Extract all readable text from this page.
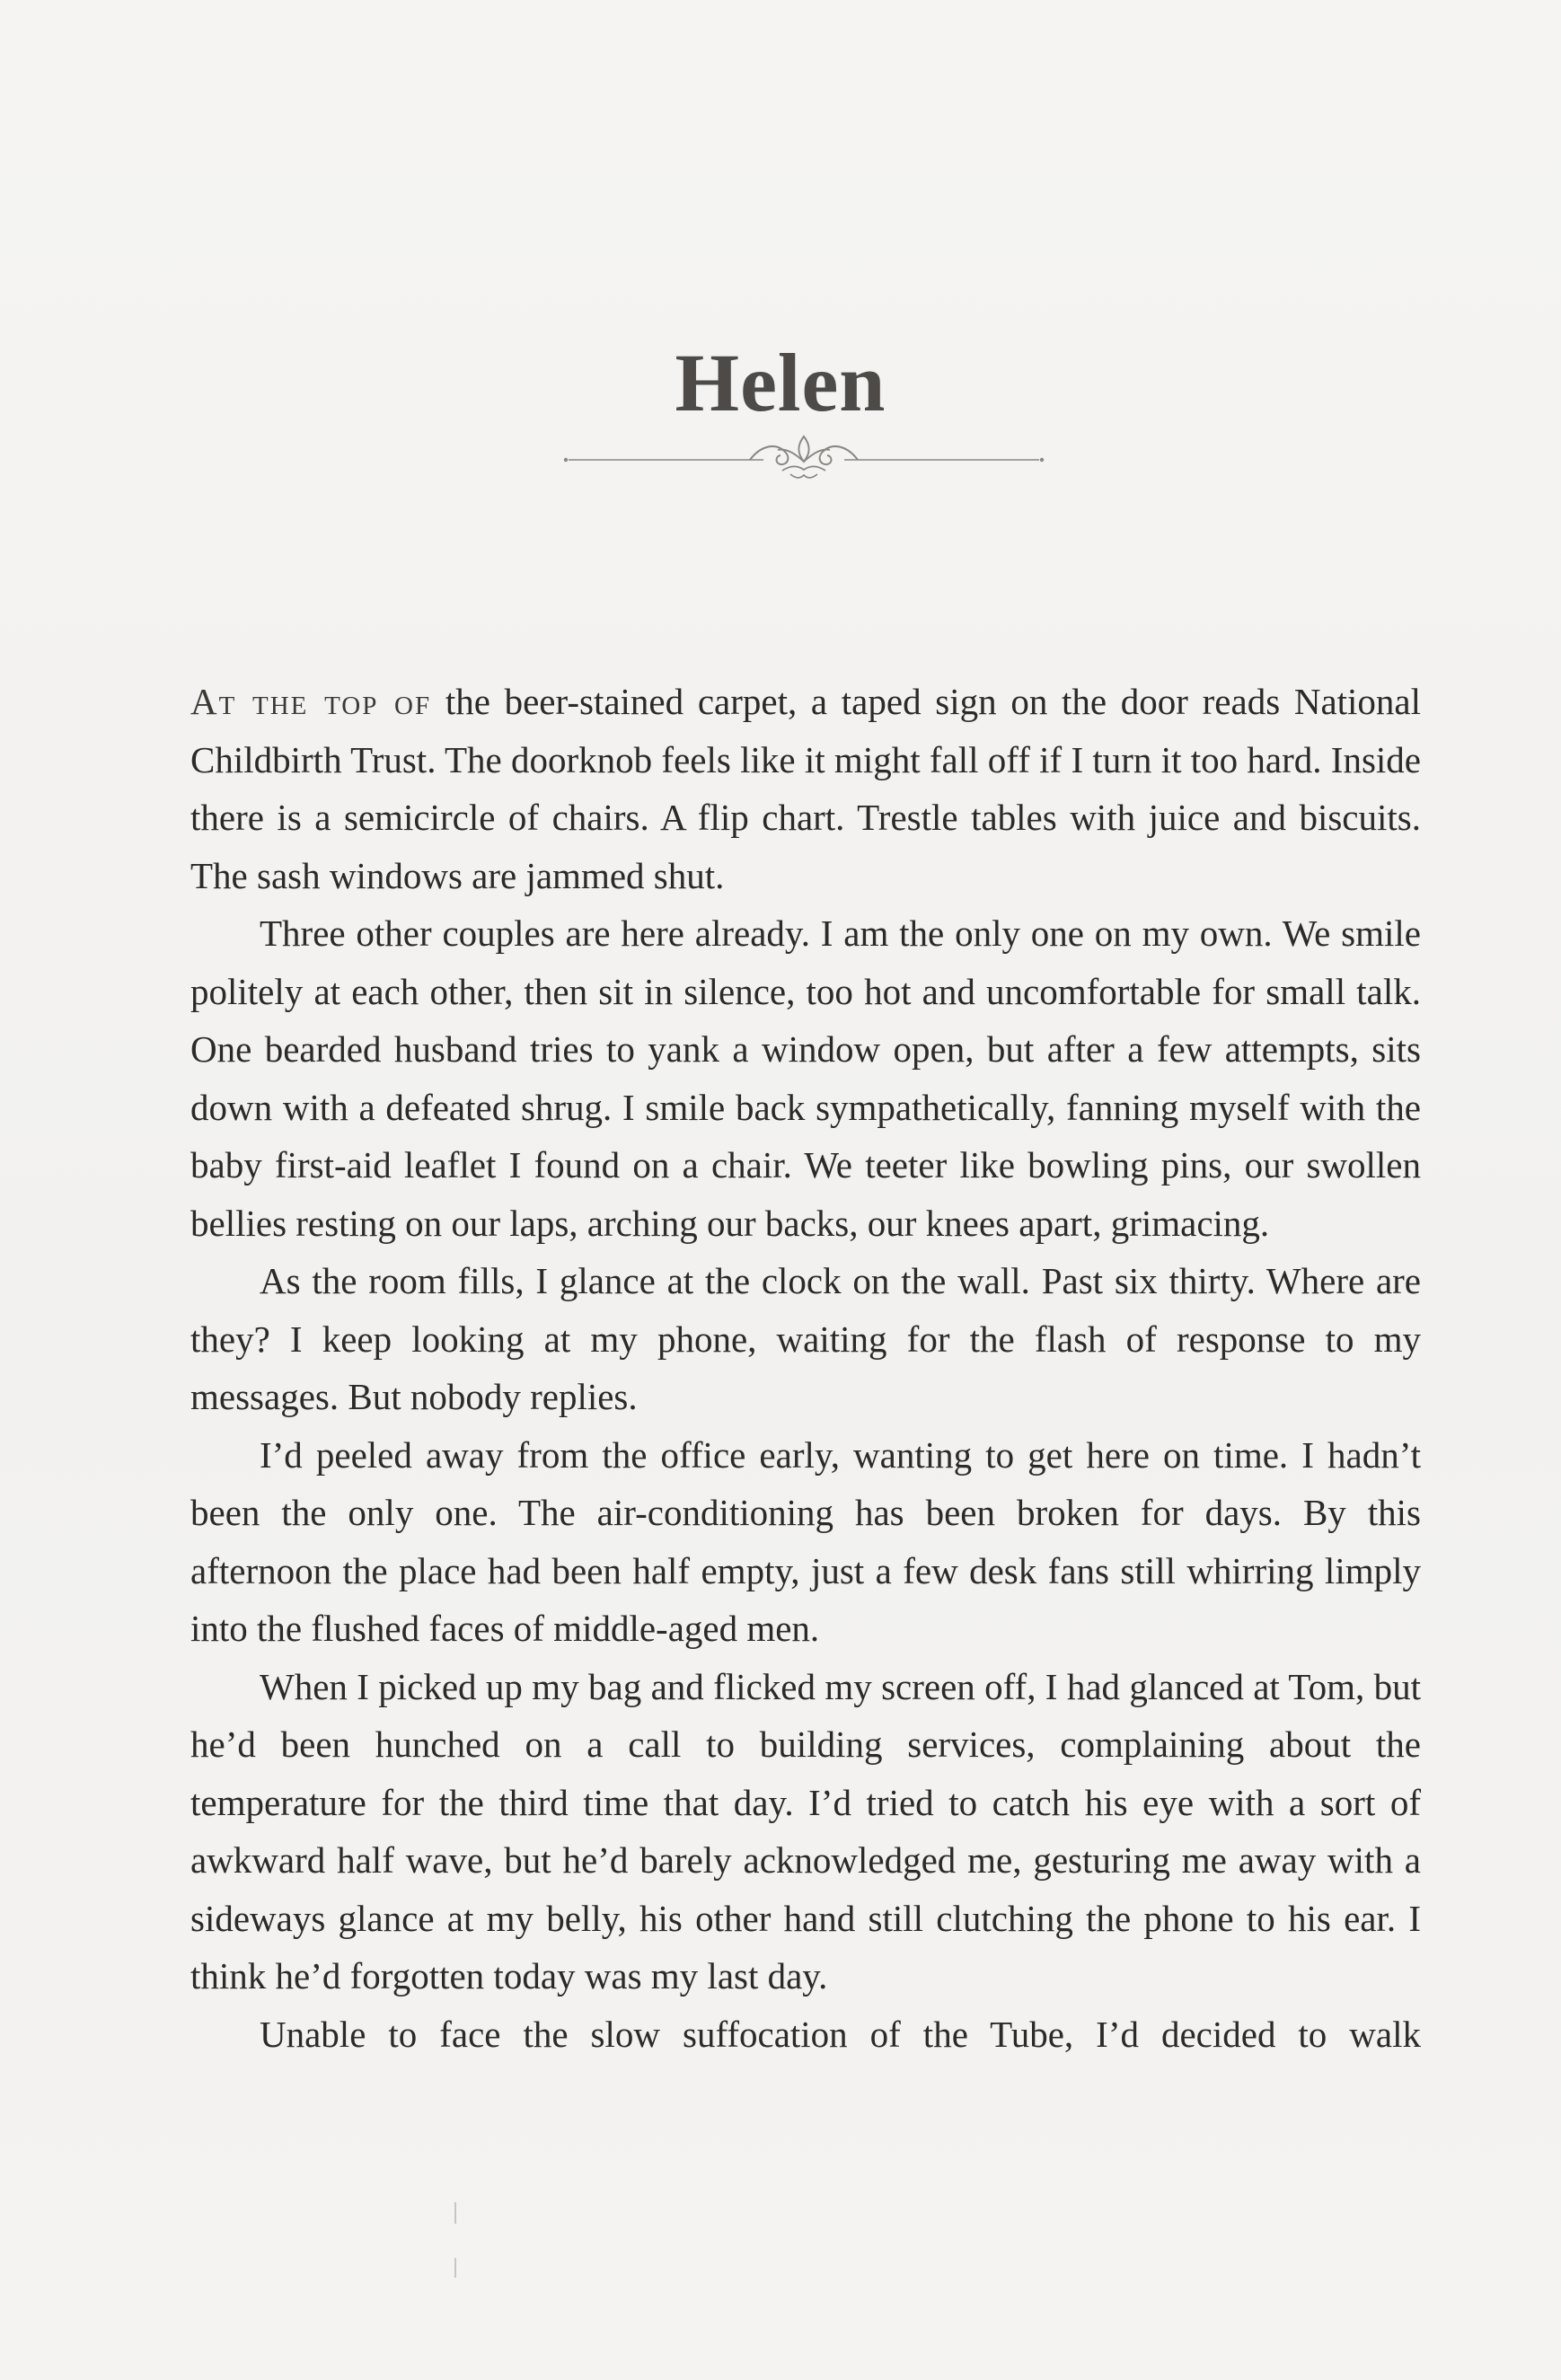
Helen

At the top of the beer-stained carpet, a taped sign on the door reads National Childbirth Trust. The doorknob feels like it might fall off if I turn it too hard. Inside there is a semicircle of chairs. A flip chart. Trestle tables with juice and biscuits. The sash windows are jammed shut.

Three other couples are here already. I am the only one on my own. We smile politely at each other, then sit in silence, too hot and uncomfortable for small talk. One bearded husband tries to yank a window open, but after a few attempts, sits down with a defeated shrug. I smile back sympathetically, fanning myself with the baby first-aid leaflet I found on a chair. We teeter like bowling pins, our swollen bellies resting on our laps, arching our backs, our knees apart, grimacing.

As the room fills, I glance at the clock on the wall. Past six thirty. Where are they? I keep looking at my phone, waiting for the flash of response to my messages. But nobody replies.

I’d peeled away from the office early, wanting to get here on time. I hadn’t been the only one. The air-conditioning has been broken for days. By this afternoon the place had been half empty, just a few desk fans still whirring limply into the flushed faces of middle-aged men.

When I picked up my bag and flicked my screen off, I had glanced at Tom, but he’d been hunched on a call to building services, complaining about the temperature for the third time that day. I’d tried to catch his eye with a sort of awkward half wave, but he’d barely acknowledged me, gesturing me away with a sideways glance at my belly, his other hand still clutching the phone to his ear. I think he’d forgotten today was my last day.

Unable to face the slow suffocation of the Tube, I’d decided to walk
